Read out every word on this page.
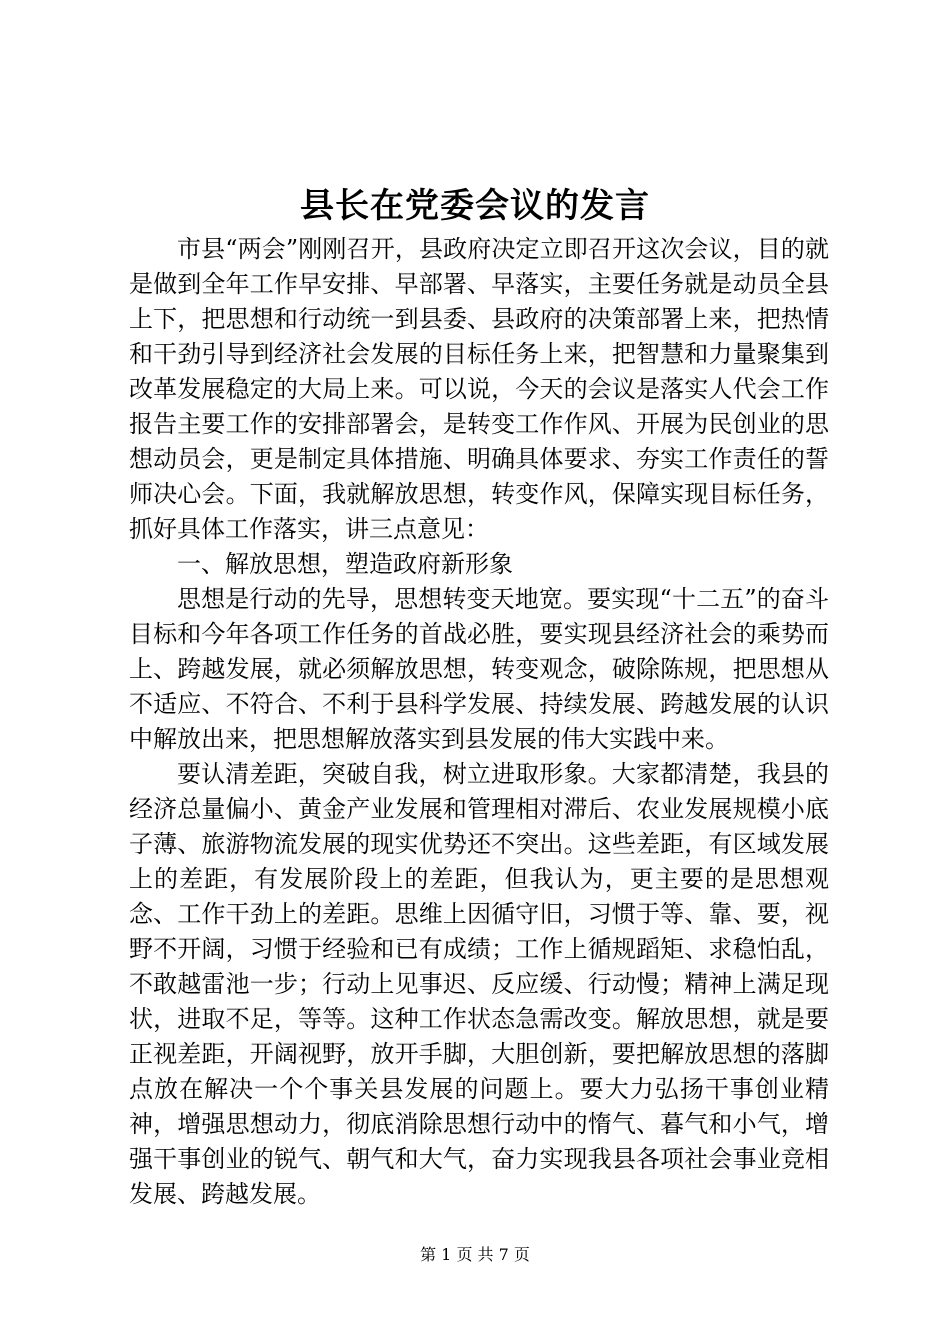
县长在党委会议的发言

市县“两会”刚刚召开，县政府决定立即召开这次会议，目的就是做到全年工作早安排、早部署、早落实，主要任务就是动员全县上下，把思想和行动统一到县委、县政府的决策部署上来，把热情和干劲引导到经济社会发展的目标任务上来，把智慧和力量聚集到改革发展稳定的大局上来。可以说，今天的会议是落实人代会工作报告主要工作的安排部署会，是转变工作作风、开展为民创业的思想动员会，更是制定具体措施、明确具体要求、夯实工作责任的誓师决心会。下面，我就解放思想，转变作风，保障实现目标任务，抓好具体工作落实，讲三点意见：

一、解放思想，塑造政府新形象

思想是行动的先导，思想转变天地宽。要实现“十二五”的奋斗目标和今年各项工作任务的首战必胜，要实现县经济社会的乘势而上、跨越发展，就必须解放思想，转变观念，破除陈规，把思想从不适应、不符合、不利于县科学发展、持续发展、跨越发展的认识中解放出来，把思想解放落实到县发展的伟大实践中来。

要认清差距，突破自我，树立进取形象。大家都清楚，我县的经济总量偏小、黄金产业发展和管理相对滞后、农业发展规模小底子薄、旅游物流发展的现实优势还不突出。这些差距，有区域发展上的差距，有发展阶段上的差距，但我认为，更主要的是思想观念、工作干劲上的差距。思维上因循守旧，习惯于等、靠、要，视野不开阔，习惯于经验和已有成绩；工作上循规蹈矩、求稳怕乱，不敢越雷池一步；行动上见事迟、反应缓、行动慢；精神上满足现状，进取不足，等等。这种工作状态急需改变。解放思想，就是要正视差距，开阔视野，放开手脚，大胆创新，要把解放思想的落脚点放在解决一个个事关县发展的问题上。要大力弘扬干事创业精神，增强思想动力，彻底消除思想行动中的惰气、暮气和小气，增强干事创业的锐气、朝气和大气，奋力实现我县各项社会事业竞相发展、跨越发展。

第 1 页 共 7 页
